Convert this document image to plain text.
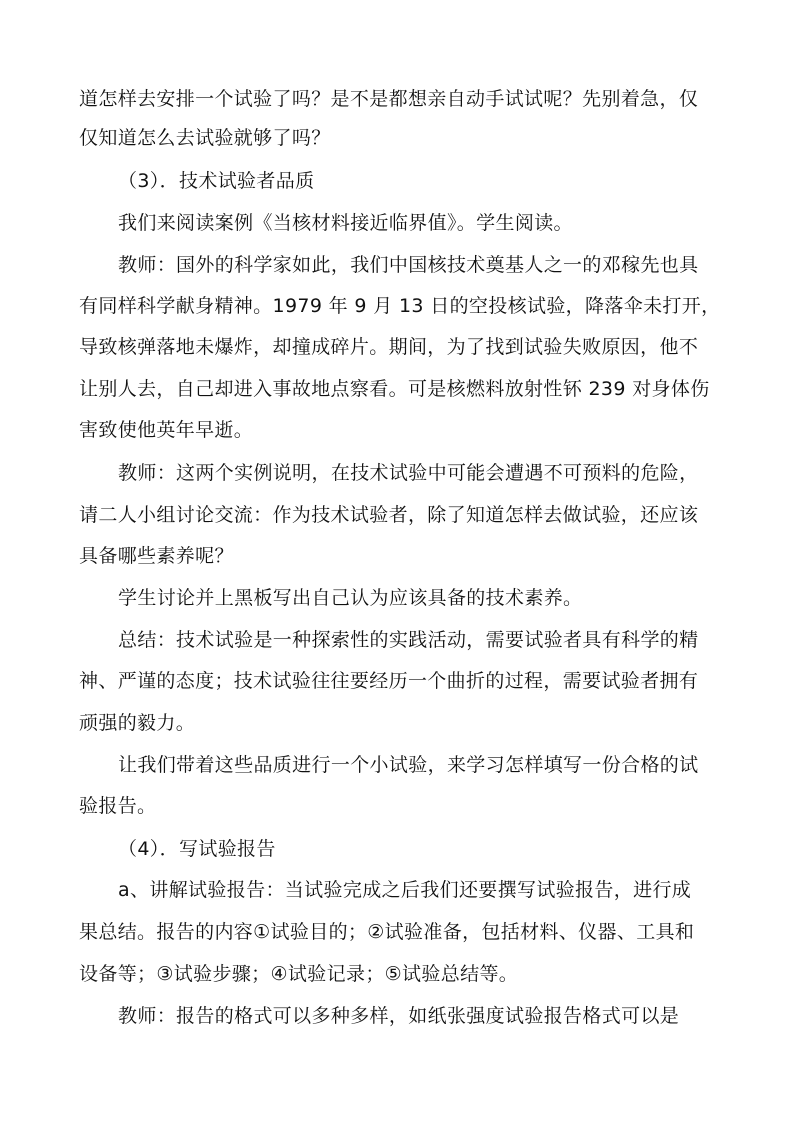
道怎样去安排一个试验了吗？是不是都想亲自动手试试呢？先别着急，仅
仅知道怎么去试验就够了吗？
（3）．技术试验者品质
我们来阅读案例《当核材料接近临界值》。学生阅读。
教师：国外的科学家如此，我们中国核技术奠基人之一的邓稼先也具
有同样科学献身精神。1979 年 9 月 13 日的空投核试验，降落伞未打开，
导致核弹落地未爆炸，却撞成碎片。期间，为了找到试验失败原因，他不
让别人去，自己却进入事故地点察看。可是核燃料放射性钚 239 对身体伤
害致使他英年早逝。
教师：这两个实例说明，在技术试验中可能会遭遇不可预料的危险，
请二人小组讨论交流：作为技术试验者，除了知道怎样去做试验，还应该
具备哪些素养呢？
学生讨论并上黑板写出自己认为应该具备的技术素养。
总结：技术试验是一种探索性的实践活动，需要试验者具有科学的精
神、严谨的态度；技术试验往往要经历一个曲折的过程，需要试验者拥有
顽强的毅力。
让我们带着这些品质进行一个小试验，来学习怎样填写一份合格的试
验报告。
（4）．写试验报告
a、讲解试验报告：当试验完成之后我们还要撰写试验报告，进行成
果总结。报告的内容①试验目的；②试验准备，包括材料、仪器、工具和
设备等；③试验步骤；④试验记录；⑤试验总结等。
教师：报告的格式可以多种多样，如纸张强度试验报告格式可以是
